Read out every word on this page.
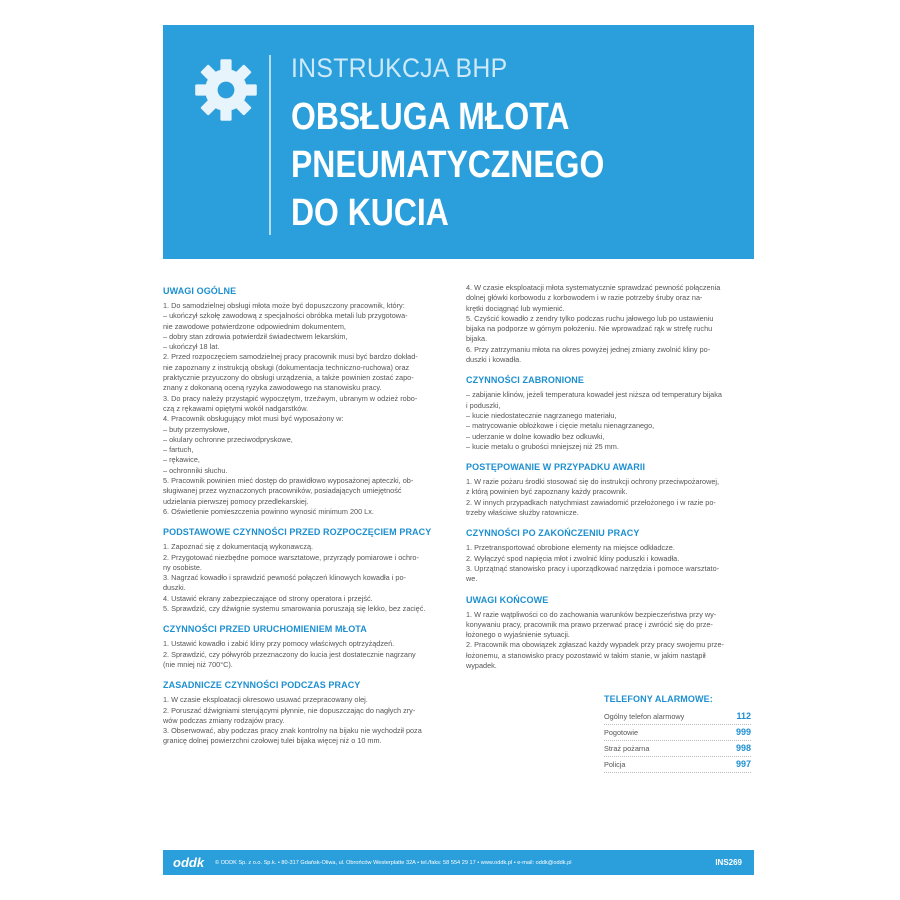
INSTRUKCJA BHP
OBSŁUGA MŁOTA
PNEUMATYCZNEGO
DO KUCIA
UWAGI OGÓLNE
1. Do samodzielnej obsługi młota może być dopuszczony pracownik, który:
– ukończył szkołę zawodową z specjalności obróbka metali lub przygotowa-
nie zawodowe potwierdzone odpowiednim dokumentem,
– dobry stan zdrowia potwierdził świadectwem lekarskim,
– ukończył 18 lat.
2. Przed rozpoczęciem samodzielnej pracy pracownik musi być bardzo dokład-
nie zapoznany z instrukcją obsługi (dokumentacja techniczno-ruchowa) oraz
praktycznie przyuczony do obsługi urządzenia, a także powinien zostać zapo-
znany z dokonaną oceną ryzyka zawodowego na stanowisku pracy.
3. Do pracy należy przystąpić wypoczętym, trzeźwym, ubranym w odzież robo-
czą z rękawami opiętymi wokół nadgarstków.
4. Pracownik obsługujący młot musi być wyposażony w:
– buty przemysłowe,
– okulary ochronne przeciwodpryskowe,
– fartuch,
– rękawice,
– ochronniki słuchu.
5. Pracownik powinien mieć dostęp do prawidłowo wyposażonej apteczki, ob-
sługiwanej przez wyznaczonych pracowników, posiadających umiejętność
udzielania pierwszej pomocy przedlekarskiej.
6. Oświetlenie pomieszczenia powinno wynosić minimum 200 Lx.
PODSTAWOWE CZYNNOŚCI PRZED ROZPOCZĘCIEM PRACY
1. Zapoznać się z dokumentacją wykonawczą.
2. Przygotować niezbędne pomoce warsztatowe, przyrządy pomiarowe i ochro-
ny osobiste.
3. Nagrzać kowadło i sprawdzić pewność połączeń klinowych kowadła i po-
duszki.
4. Ustawić ekrany zabezpieczające od strony operatora i przejść.
5. Sprawdzić, czy dźwignie systemu smarowania poruszają się lekko, bez zacięć.
CZYNNOŚCI PRZED URUCHOMIENIEM MŁOTA
1. Ustawić kowadło i zabić kliny przy pomocy właściwych optrzyżądzeń.
2. Sprawdzić, czy półwyrób przeznaczony do kucia jest dostatecznie nagrzany
(nie mniej niż 700°C).
ZASADNICZE CZYNNOŚCI PODCZAS PRACY
1. W czasie eksploatacji okresowo usuwać przepracowany olej.
2. Poruszać dźwigniami sterującymi płynnie, nie dopuszczając do nagłych zry-
wów podczas zmiany rodzajów pracy.
3. Obserwować, aby podczas pracy znak kontrolny na bijaku nie wychodził poza
granicę dolnej powierzchni czołowej tulei bijaka więcej niż o 10 mm.
4. W czasie eksploatacji młota systematycznie sprawdzać pewność połączenia
dolnej główki korbowodu z korbowodem i w razie potrzeby śruby oraz na-
krętki dociągnąć lub wymienić.
5. Czyścić kowadło z zendry tylko podczas ruchu jałowego lub po ustawieniu
bijaka na podporze w górnym położeniu. Nie wprowadzać rąk w strefę ruchu
bijaka.
6. Przy zatrzymaniu młota na okres powyżej jednej zmiany zwolnić kliny po-
duszki i kowadła.
CZYNNOŚCI ZABRONIONE
– zabijanie klinów, jeżeli temperatura kowadeł jest niższa od temperatury bijaka
i poduszki,
– kucie niedostatecznie nagrzanego materiału,
– matrycowanie obłożkowe i cięcie metalu nienagrzanego,
– uderzanie w dolne kowadło bez odkuwki,
– kucie metalu o grubości mniejszej niż 25 mm.
POSTĘPOWANIE W PRZYPADKU AWARII
1. W razie pożaru środki stosować się do instrukcji ochrony przeciwpożarowej,
z którą powinien być zapoznany każdy pracownik.
2. W innych przypadkach natychmiast zawiadomić przełożonego i w razie po-
trzeby właściwe służby ratownicze.
CZYNNOŚCI PO ZAKOŃCZENIU PRACY
1. Przetransportować obrobione elementy na miejsce odkładcze.
2. Wyłączyć spod napięcia młot i zwolnić kliny poduszki i kowadła.
3. Uprzątnąć stanowisko pracy i uporządkować narzędzia i pomoce warsztato-
we.
UWAGI KOŃCOWE
1. W razie wątpliwości co do zachowania warunków bezpieczeństwa przy wy-
konywaniu pracy, pracownik ma prawo przerwać pracę i zwrócić się do prze-
łożonego o wyjaśnienie sytuacji.
2. Pracownik ma obowiązek zgłaszać każdy wypadek przy pracy swojemu prze-
łożonemu, a stanowisko pracy pozostawić w takim stanie, w jakim nastąpił
wypadek.
TELEFONY ALARMOWE:
Ogólny telefon alarmowy	112
Pogotowie	999
Straż pożarna	998
Policja	997
oddk	© ODDK Sp. z o.o. Sp.k. • 80-317 Gdańsk-Oliwa, ul. Obrońców Westerplatte 32A • tel./faks: 58 554 29 17 • www.oddk.pl • e-mail: oddk@oddk.pl	INS269
